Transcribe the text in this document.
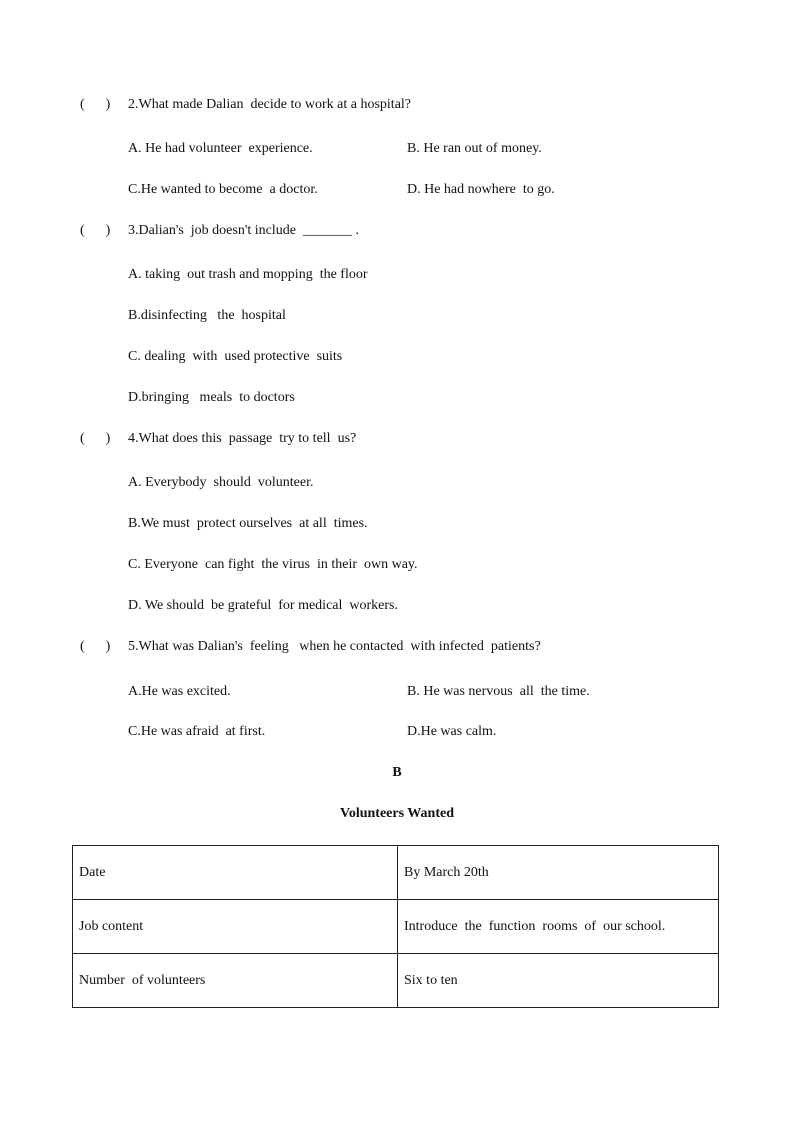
(      ) 2.What made Dalian  decide to work at a hospital?
A. He had volunteer  experience.	B. He ran out of money.
C.He wanted to become  a doctor.	D. He had nowhere  to go.
(      ) 3.Dalian's  job doesn't include  _______ .
A. taking  out trash and mopping  the floor
B.disinfecting   the  hospital
C. dealing  with  used protective  suits
D.bringing   meals  to doctors
(      ) 4.What does this  passage  try to tell  us?
A. Everybody  should  volunteer.
B.We must  protect ourselves  at all  times.
C. Everyone  can fight  the virus  in their  own way.
D. We should  be grateful  for medical  workers.
(      ) 5.What was Dalian's  feeling   when he contacted  with infected  patients?
A.He was excited.	B. He was nervous  all  the time.
C.He was afraid  at first.	D.He was calm.
B
Volunteers Wanted
Date	By March 20th
Job content	Introduce  the  function  rooms  of  our school.
Number  of volunteers	Six to ten
